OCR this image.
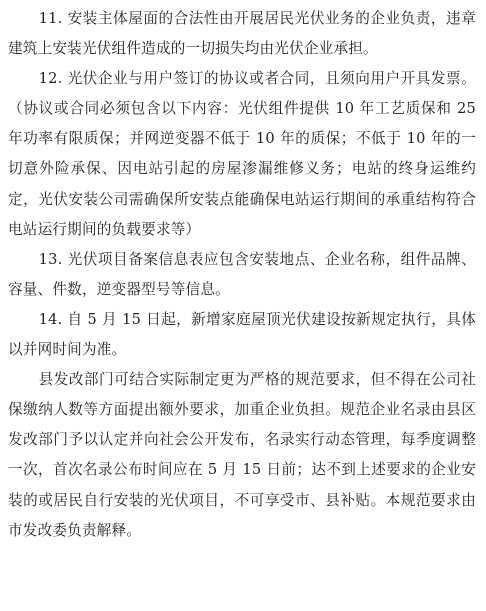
11. 安装主体屋面的合法性由开展居民光伏业务的企业负责，违章建筑上安装光伏组件造成的一切损失均由光伏企业承担。

12. 光伏企业与用户签订的协议或者合同，且须向用户开具发票。（协议或合同必须包含以下内容：光伏组件提供 10 年工艺质保和 25 年功率有限质保；并网逆变器不低于 10 年的质保；不低于 10 年的一切意外险承保、因电站引起的房屋渗漏维修义务；电站的终身运维约定，光伏安装公司需确保所安装点能确保电站运行期间的承重结构符合电站运行期间的负载要求等）

13. 光伏项目备案信息表应包含安装地点、企业名称，组件品牌、容量、件数，逆变器型号等信息。

14. 自 5 月 15 日起，新增家庭屋顶光伏建设按新规定执行，具体以并网时间为准。

县发改部门可结合实际制定更为严格的规范要求，但不得在公司社保缴纳人数等方面提出额外要求，加重企业负担。规范企业名录由县区发改部门予以认定并向社会公开发布，名录实行动态管理，每季度调整一次，首次名录公布时间应在 5 月 15 日前；达不到上述要求的企业安装的或居民自行安装的光伏项目，不可享受市、县补贴。本规范要求由市发改委负责解释。
